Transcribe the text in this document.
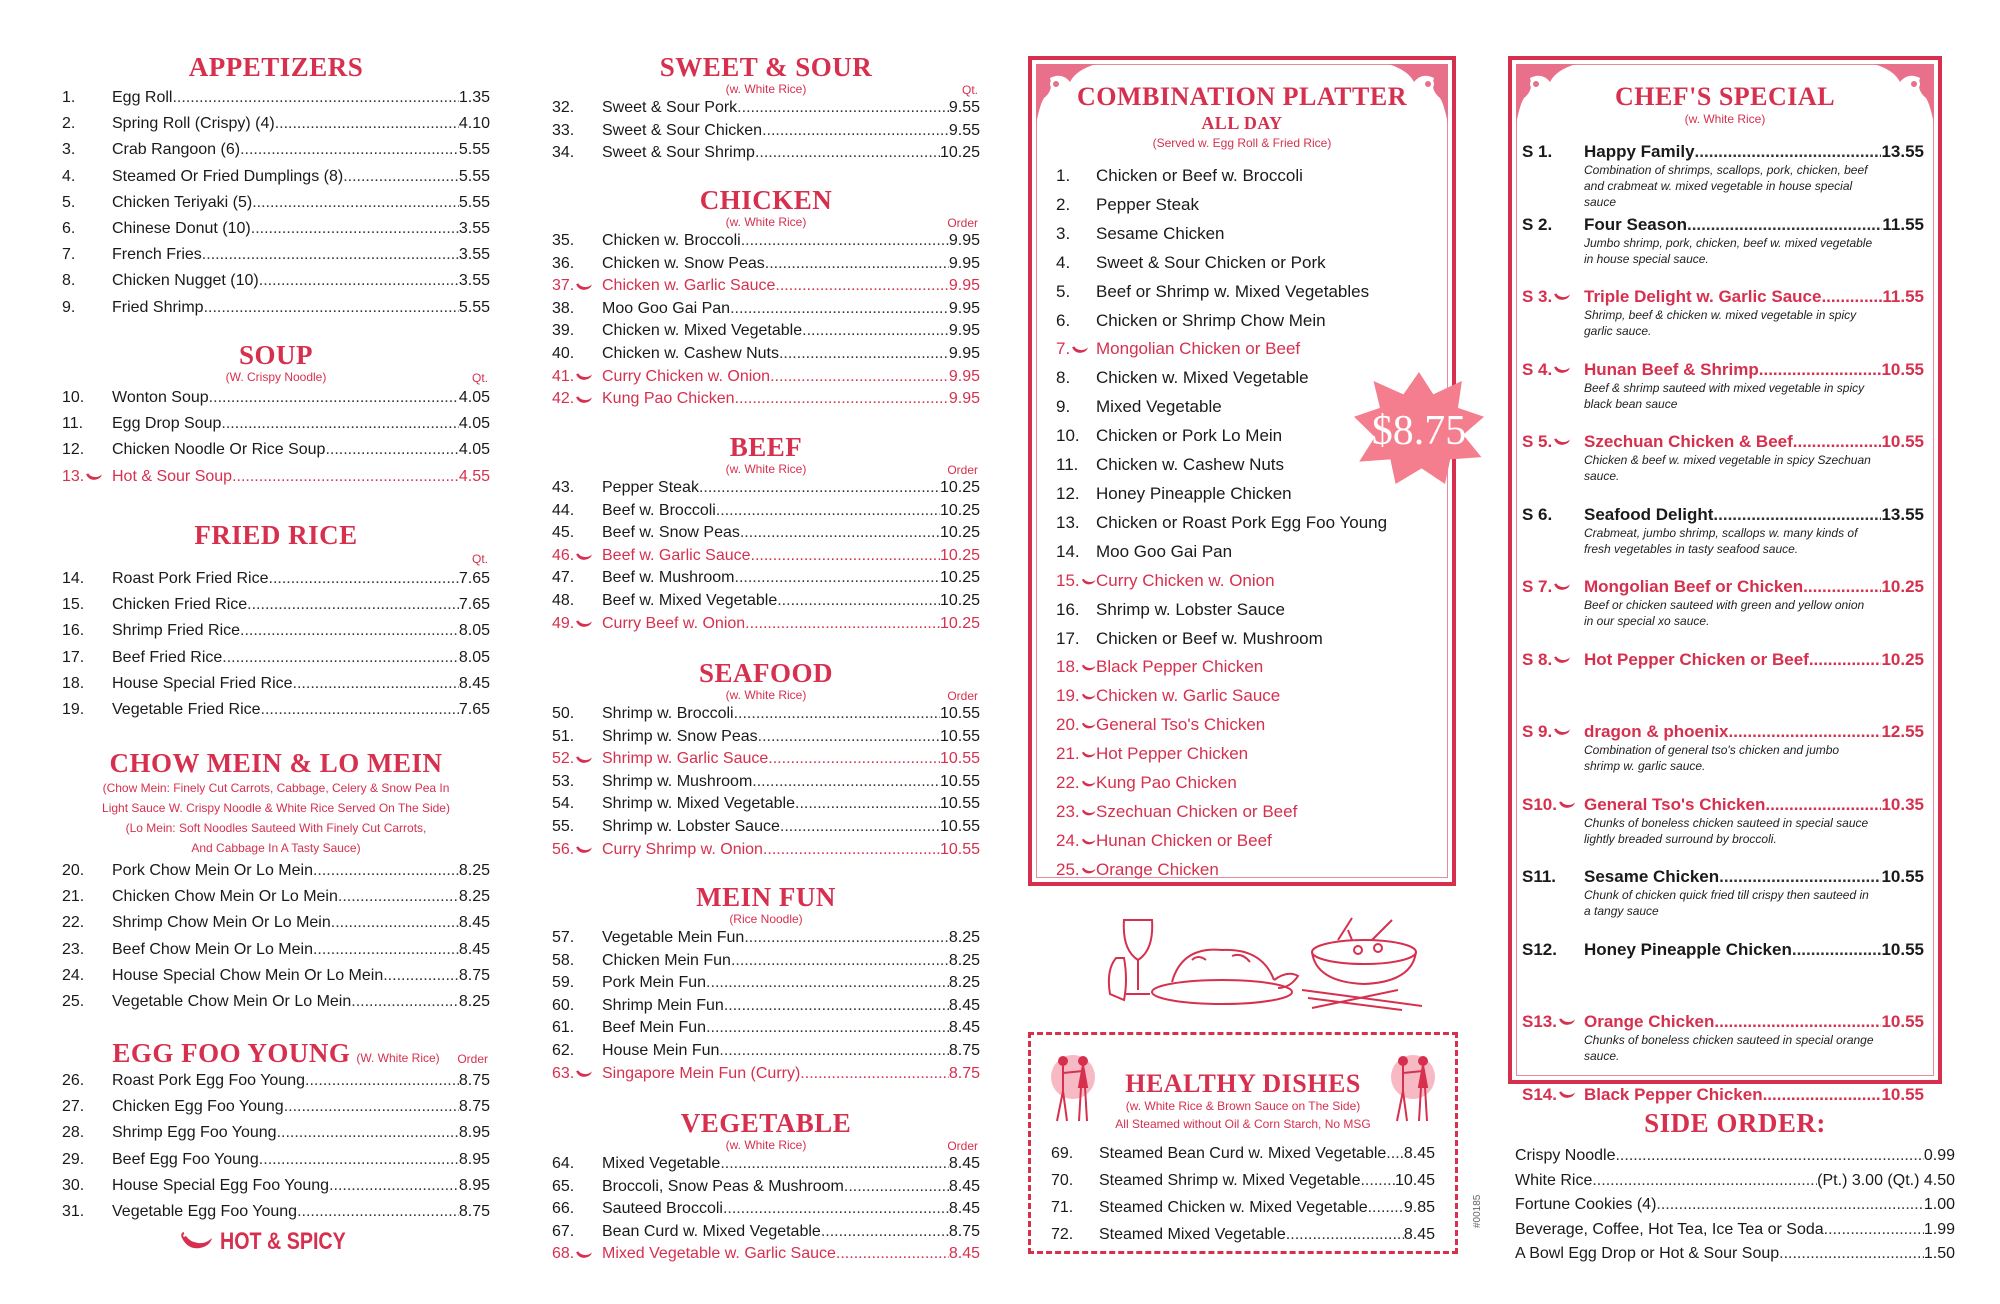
APPETIZERS
1.	Egg Roll .....	1.35
2.	Spring Roll (Crispy) (4) .....	4.10
3.	Crab Rangoon (6) .....	5.55
4.	Steamed Or Fried Dumplings (8) .....	5.55
5.	Chicken Teriyaki (5) .....	5.55
6.	Chinese Donut (10) .....	3.55
7.	French Fries .....	3.55
8.	Chicken Nugget (10) .....	3.55
9.	Fried Shrimp .....	5.55
SOUP
(W. Crispy Noodle)	Qt.
10.	Wonton Soup .....	4.05
11.	Egg Drop Soup .....	4.05
12.	Chicken Noodle Or Rice Soup .....	4.05
13.	Hot & Sour Soup .....	4.55
FRIED RICE
Qt.
14.	Roast Pork Fried Rice .....	7.65
15.	Chicken Fried Rice .....	7.65
16.	Shrimp Fried Rice .....	8.05
17.	Beef Fried Rice .....	8.05
18.	House Special Fried Rice .....	8.45
19.	Vegetable Fried Rice .....	7.65
CHOW MEIN & LO MEIN
(Chow Mein: Finely Cut Carrots, Cabbage, Celery & Snow Pea In
Light Sauce W. Crispy Noodle & White Rice Served On The Side)
(Lo Mein: Soft Noodles Sauteed With Finely Cut Carrots,
And Cabbage In A Tasty Sauce)
20.	Pork Chow Mein Or Lo Mein .....	8.25
21.	Chicken Chow Mein Or Lo Mein .....	8.25
22.	Shrimp Chow Mein Or Lo Mein .....	8.45
23.	Beef Chow Mein Or Lo Mein .....	8.45
24.	House Special Chow Mein Or Lo Mein .....	8.75
25.	Vegetable Chow Mein Or Lo Mein .....	8.25
EGG FOO YOUNG (W. White Rice) Order
26.	Roast Pork Egg Foo Young .....	8.75
27.	Chicken Egg Foo Young .....	8.75
28.	Shrimp Egg Foo Young .....	8.95
29.	Beef Egg Foo Young .....	8.95
30.	House Special Egg Foo Young .....	8.95
31.	Vegetable Egg Foo Young .....	8.75
HOT & SPICY
SWEET & SOUR
(w. White Rice)	Qt.
32.	Sweet & Sour Pork .....	9.55
33.	Sweet & Sour Chicken .....	9.55
34.	Sweet & Sour Shrimp .....	10.25
CHICKEN
(w. White Rice)	Order
35.	Chicken w. Broccoli .....	9.95
36.	Chicken w. Snow Peas .....	9.95
37.	Chicken w. Garlic Sauce .....	9.95
38.	Moo Goo Gai Pan .....	9.95
39.	Chicken w. Mixed Vegetable .....	9.95
40.	Chicken w. Cashew Nuts .....	9.95
41.	Curry Chicken w. Onion .....	9.95
42.	Kung Pao Chicken .....	9.95
BEEF
(w. White Rice)	Order
43.	Pepper Steak .....	10.25
44.	Beef w. Broccoli .....	10.25
45.	Beef w. Snow Peas .....	10.25
46.	Beef w. Garlic Sauce .....	10.25
47.	Beef w. Mushroom .....	10.25
48.	Beef w. Mixed Vegetable .....	10.25
49.	Curry Beef w. Onion .....	10.25
SEAFOOD
(w. White Rice)	Order
50.	Shrimp w. Broccoli .....	10.55
51.	Shrimp w. Snow Peas .....	10.55
52.	Shrimp w. Garlic Sauce .....	10.55
53.	Shrimp w. Mushroom .....	10.55
54.	Shrimp w. Mixed Vegetable .....	10.55
55.	Shrimp w. Lobster Sauce .....	10.55
56.	Curry Shrimp w. Onion .....	10.55
MEIN FUN
(Rice Noodle)
57.	Vegetable Mein Fun .....	8.25
58.	Chicken Mein Fun .....	8.25
59.	Pork Mein Fun .....	8.25
60.	Shrimp Mein Fun .....	8.45
61.	Beef Mein Fun .....	8.45
62.	House Mein Fun .....	8.75
63.	Singapore Mein Fun (Curry) .....	8.75
VEGETABLE
(w. White Rice)	Order
64.	Mixed Vegetable .....	8.45
65.	Broccoli, Snow Peas & Mushroom .....	8.45
66.	Sauteed Broccoli .....	8.45
67.	Bean Curd w. Mixed Vegetable .....	8.75
68.	Mixed Vegetable w. Garlic Sauce .....	8.45
COMBINATION PLATTER
ALL DAY
(Served w. Egg Roll & Fried Rice)
1.	Chicken or Beef w. Broccoli
2.	Pepper Steak
3.	Sesame Chicken
4.	Sweet & Sour Chicken or Pork
5.	Beef or Shrimp w. Mixed Vegetables
6.	Chicken or Shrimp Chow Mein
7.	Mongolian Chicken or Beef
8.	Chicken w. Mixed Vegetable
9.	Mixed Vegetable
10. Chicken or Pork Lo Mein
11.	Chicken w. Cashew Nuts
12. Honey Pineapple Chicken
13. Chicken or Roast Pork Egg Foo Young
14. Moo Goo Gai Pan
15. Curry Chicken w. Onion
16. Shrimp w. Lobster Sauce
17. Chicken or Beef w. Mushroom
18. Black Pepper Chicken
19. Chicken w. Garlic Sauce
20. General Tso's Chicken
21. Hot Pepper Chicken
22. Kung Pao Chicken
23. Szechuan Chicken or Beef
24. Hunan Chicken or Beef
25. Orange Chicken
$8.75
HEALTHY DISHES
(w. White Rice & Brown Sauce on The Side)
All Steamed without Oil & Corn Starch, No MSG
69.	Steamed Bean Curd w. Mixed Vegetable ..... 8.45
70.	Steamed Shrimp w. Mixed Vegetable ..... 10.45
71.	Steamed Chicken w. Mixed Vegetable ..... 9.85
72.	Steamed Mixed Vegetable .....	8.45
#00185
CHEF'S SPECIAL
(w. White Rice)
S 1.	Happy Family .....	13.55
Combination of shrimps, scallops, pork, chicken, beef and crabmeat w. mixed vegetable in house special sauce
S 2.	Four Season .....	11.55
Jumbo shrimp, pork, chicken, beef w. mixed vegetable in house special sauce.
S 3.	Triple Delight w. Garlic Sauce .....	11.55
Shrimp, beef & chicken w. mixed vegetable in spicy garlic sauce.
S 4.	Hunan Beef & Shrimp .....	10.55
Beef & shrimp sauteed with mixed vegetable in spicy black bean sauce
S 5.	Szechuan Chicken & Beef .....	10.55
Chicken & beef w. mixed vegetable in spicy Szechuan sauce.
S 6.	Seafood Delight .....	13.55
Crabmeat, jumbo shrimp, scallops w. many kinds of fresh vegetables in tasty seafood sauce.
S 7.	Mongolian Beef or Chicken .....	10.25
Beef or chicken sauteed with green and yellow onion in our special xo sauce.
S 8.	Hot Pepper Chicken or Beef .....	10.25
S 9.	dragon & phoenix .....	12.55
Combination of general tso's chicken and jumbo shrimp w. garlic sauce.
S10.	General Tso's Chicken .....	10.35
Chunks of boneless chicken sauteed in special sauce lightly breaded surround by broccoli.
S11.	Sesame Chicken .....	10.55
Chunk of chicken quick fried till crispy then sauteed in a tangy sauce
S12.	Honey Pineapple Chicken .....	10.55
S13.	Orange Chicken .....	10.55
Chunks of boneless chicken sauteed in special orange sauce.
S14.	Black Pepper Chicken .....	10.55
SIDE ORDER:
Crispy Noodle .....	0.99
White Rice .....	(Pt.) 3.00 (Qt.) 4.50
Fortune Cookies (4) .....	1.00
Beverage, Coffee, Hot Tea, Ice Tea or Soda .....	1.99
A Bowl Egg Drop or Hot & Sour Soup .....	1.50
